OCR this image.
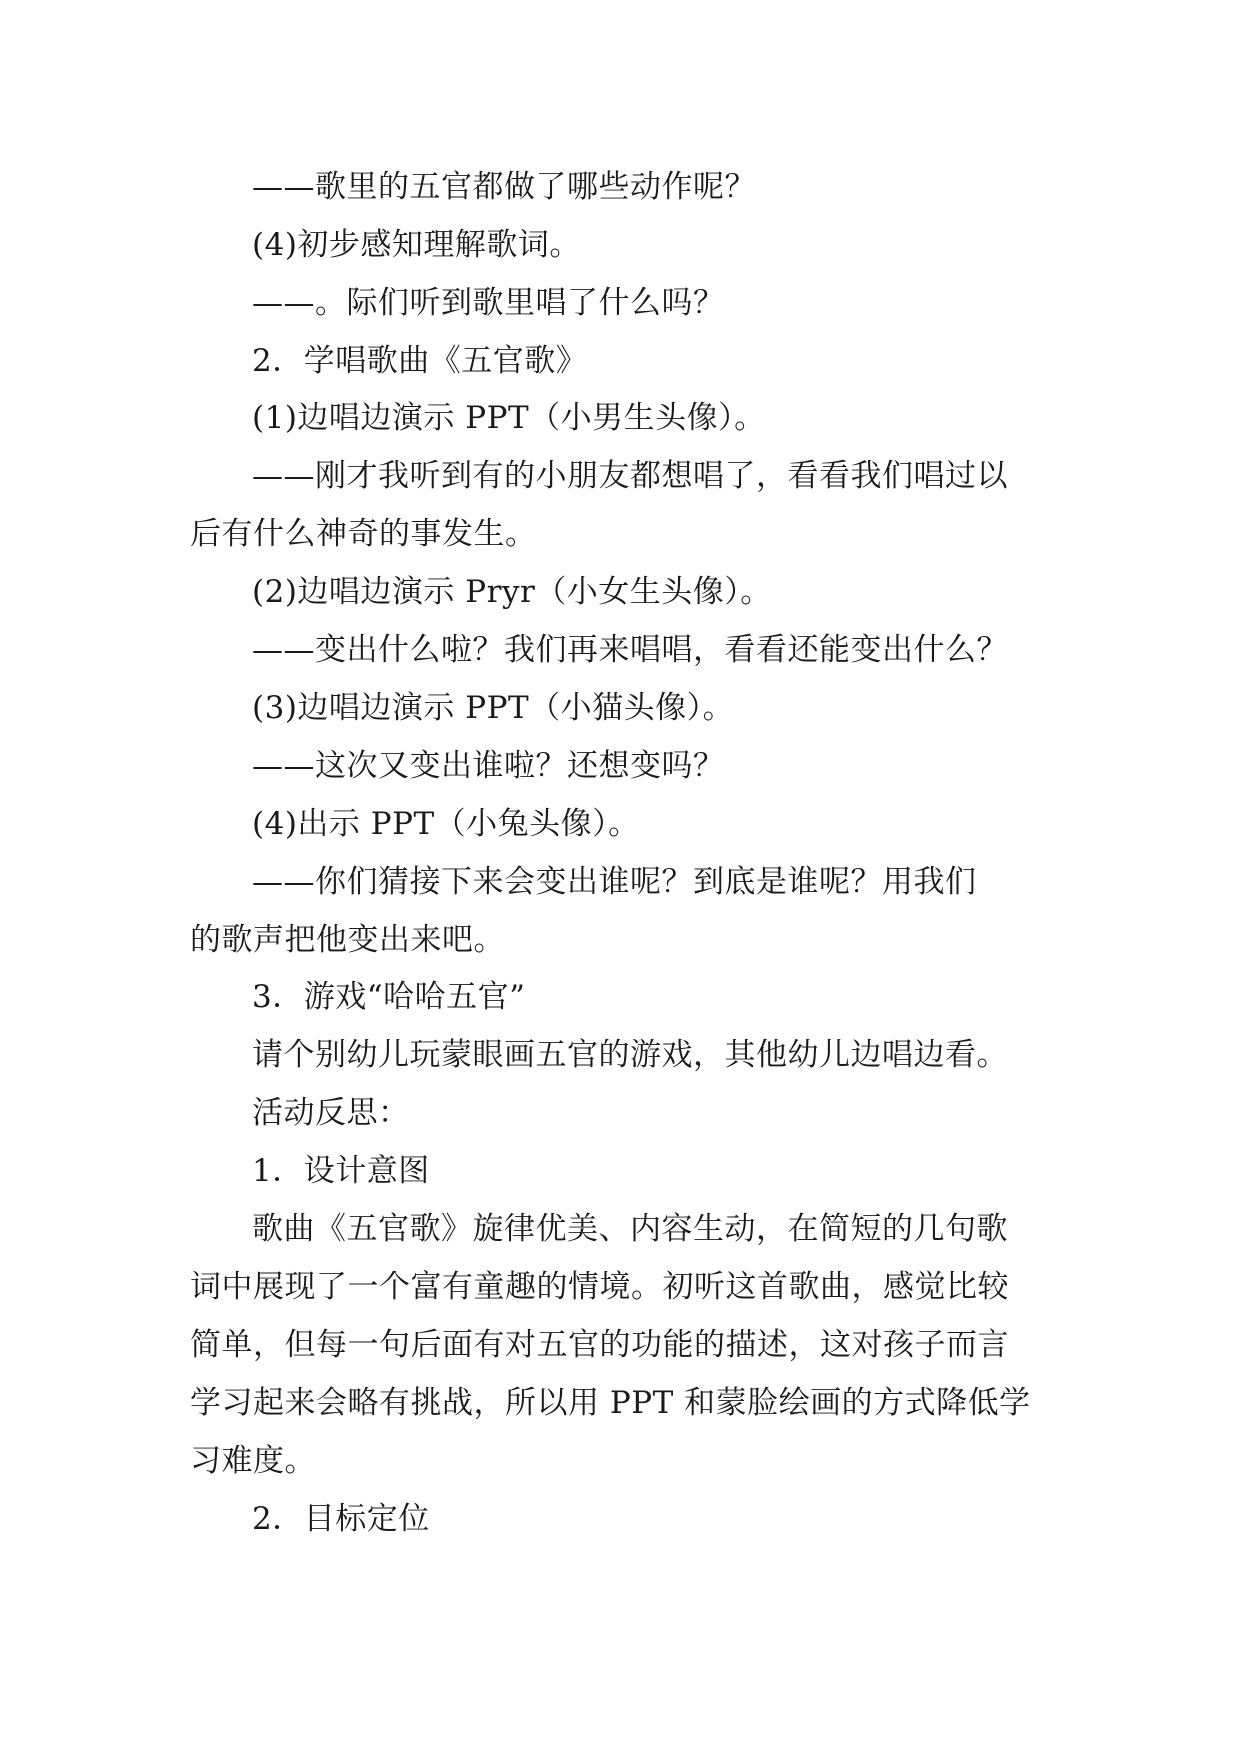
——歌里的五官都做了哪些动作呢？
(4)初步感知理解歌词。
——。际们听到歌里唱了什么吗？
2．学唱歌曲《五官歌》
(1)边唱边演示 PPT（小男生头像）。
——刚才我听到有的小朋友都想唱了，看看我们唱过以
后有什么神奇的事发生。
(2)边唱边演示 Pryr（小女生头像）。
——变出什么啦？我们再来唱唱，看看还能变出什么？
(3)边唱边演示 PPT（小猫头像）。
——这次又变出谁啦？还想变吗？
(4)出示 PPT（小兔头像）。
——你们猜接下来会变出谁呢？到底是谁呢？用我们
的歌声把他变出来吧。
3．游戏“哈哈五官”
请个别幼儿玩蒙眼画五官的游戏，其他幼儿边唱边看。
活动反思：
1．设计意图
歌曲《五官歌》旋律优美、内容生动，在简短的几句歌
词中展现了一个富有童趣的情境。初听这首歌曲，感觉比较
简单，但每一句后面有对五官的功能的描述，这对孩子而言
学习起来会略有挑战，所以用 PPT 和蒙脸绘画的方式降低学
习难度。
2．目标定位
